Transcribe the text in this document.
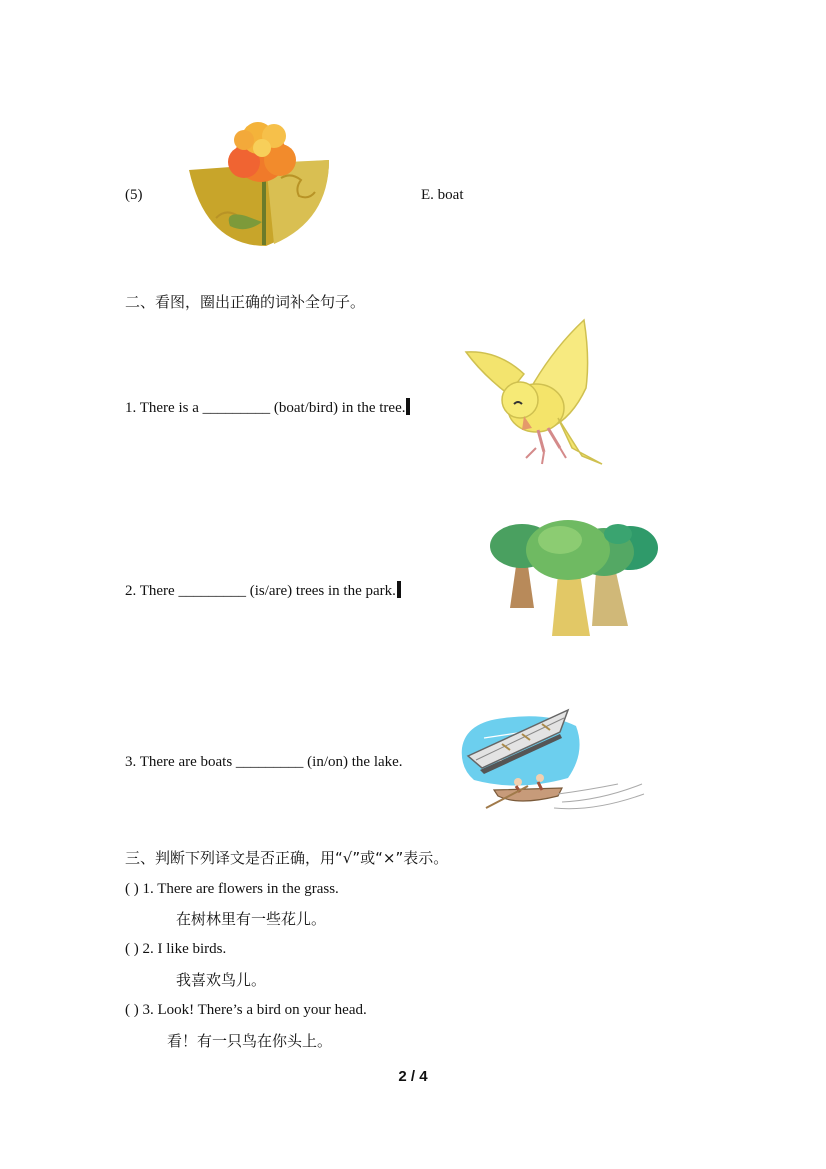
(5)	E. boat
二、看图，圈出正确的词补全句子。
1. There is a _________ (boat/bird) in the tree.
2. There _________ (is/are) trees in the park.
3. There are boats _________ (in/on) the lake.
三、判断下列译文是否正确，用“√”或“×”表示。
( ) 1. There are flowers in the grass.
在树林里有一些花儿。
( ) 2. I like birds.
我喜欢鸟儿。
( ) 3. Look! There’s a bird on your head.
看！有一只鸟在你头上。
2 / 4
